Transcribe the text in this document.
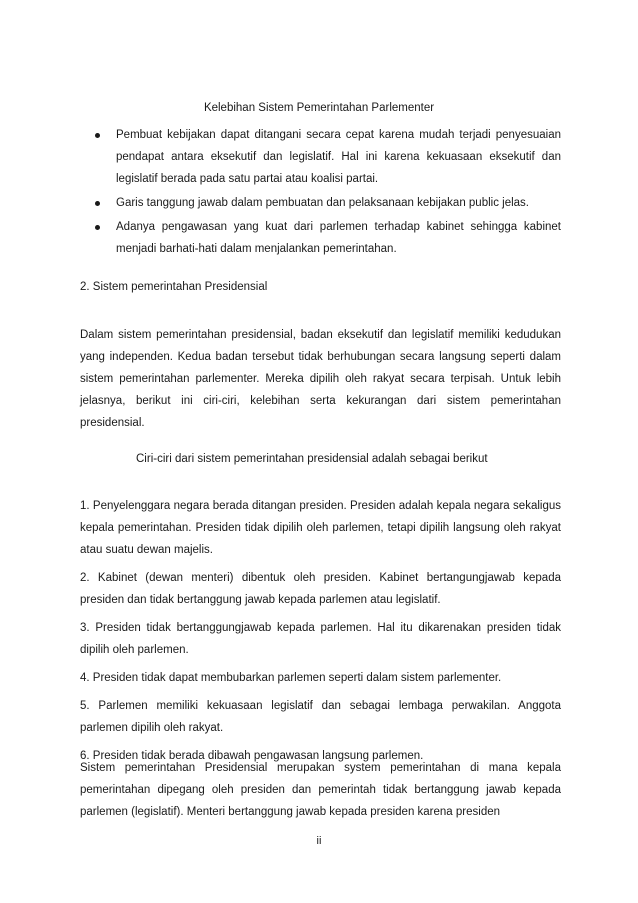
Kelebihan Sistem Pemerintahan Parlementer
Pembuat kebijakan dapat ditangani secara cepat karena mudah terjadi penyesuaian pendapat antara eksekutif dan legislatif. Hal ini karena kekuasaan eksekutif dan legislatif berada pada satu partai atau koalisi partai.
Garis tanggung jawab dalam pembuatan dan pelaksanaan kebijakan public jelas.
Adanya pengawasan yang kuat dari parlemen terhadap kabinet sehingga kabinet menjadi barhati-hati dalam menjalankan pemerintahan.
2. Sistem pemerintahan Presidensial
Dalam sistem pemerintahan presidensial, badan eksekutif dan legislatif memiliki kedudukan yang independen. Kedua badan tersebut tidak berhubungan secara langsung seperti dalam sistem pemerintahan parlementer. Mereka dipilih oleh rakyat secara terpisah. Untuk lebih jelasnya, berikut ini ciri-ciri, kelebihan serta kekurangan dari sistem pemerintahan presidensial.
Ciri-ciri dari sistem pemerintahan presidensial adalah sebagai berikut

1. Penyelenggara negara berada ditangan presiden. Presiden adalah kepala negara sekaligus kepala pemerintahan. Presiden tidak dipilih oleh parlemen, tetapi dipilih langsung oleh rakyat atau suatu dewan majelis.

2. Kabinet (dewan menteri) dibentuk oleh presiden. Kabinet bertangungjawab kepada presiden dan tidak bertanggung jawab kepada parlemen atau legislatif.

3. Presiden tidak bertanggungjawab kepada parlemen. Hal itu dikarenakan presiden tidak dipilih oleh parlemen.

4. Presiden tidak dapat membubarkan parlemen seperti dalam sistem parlementer.

5. Parlemen memiliki kekuasaan legislatif dan sebagai lembaga perwakilan. Anggota parlemen dipilih oleh rakyat.

6. Presiden tidak berada dibawah pengawasan langsung parlemen.

Sistem pemerintahan Presidensial merupakan system pemerintahan di mana kepala pemerintahan dipegang oleh presiden dan pemerintah tidak bertanggung jawab kepada parlemen (legislatif). Menteri bertanggung jawab kepada presiden karena presiden
ii
